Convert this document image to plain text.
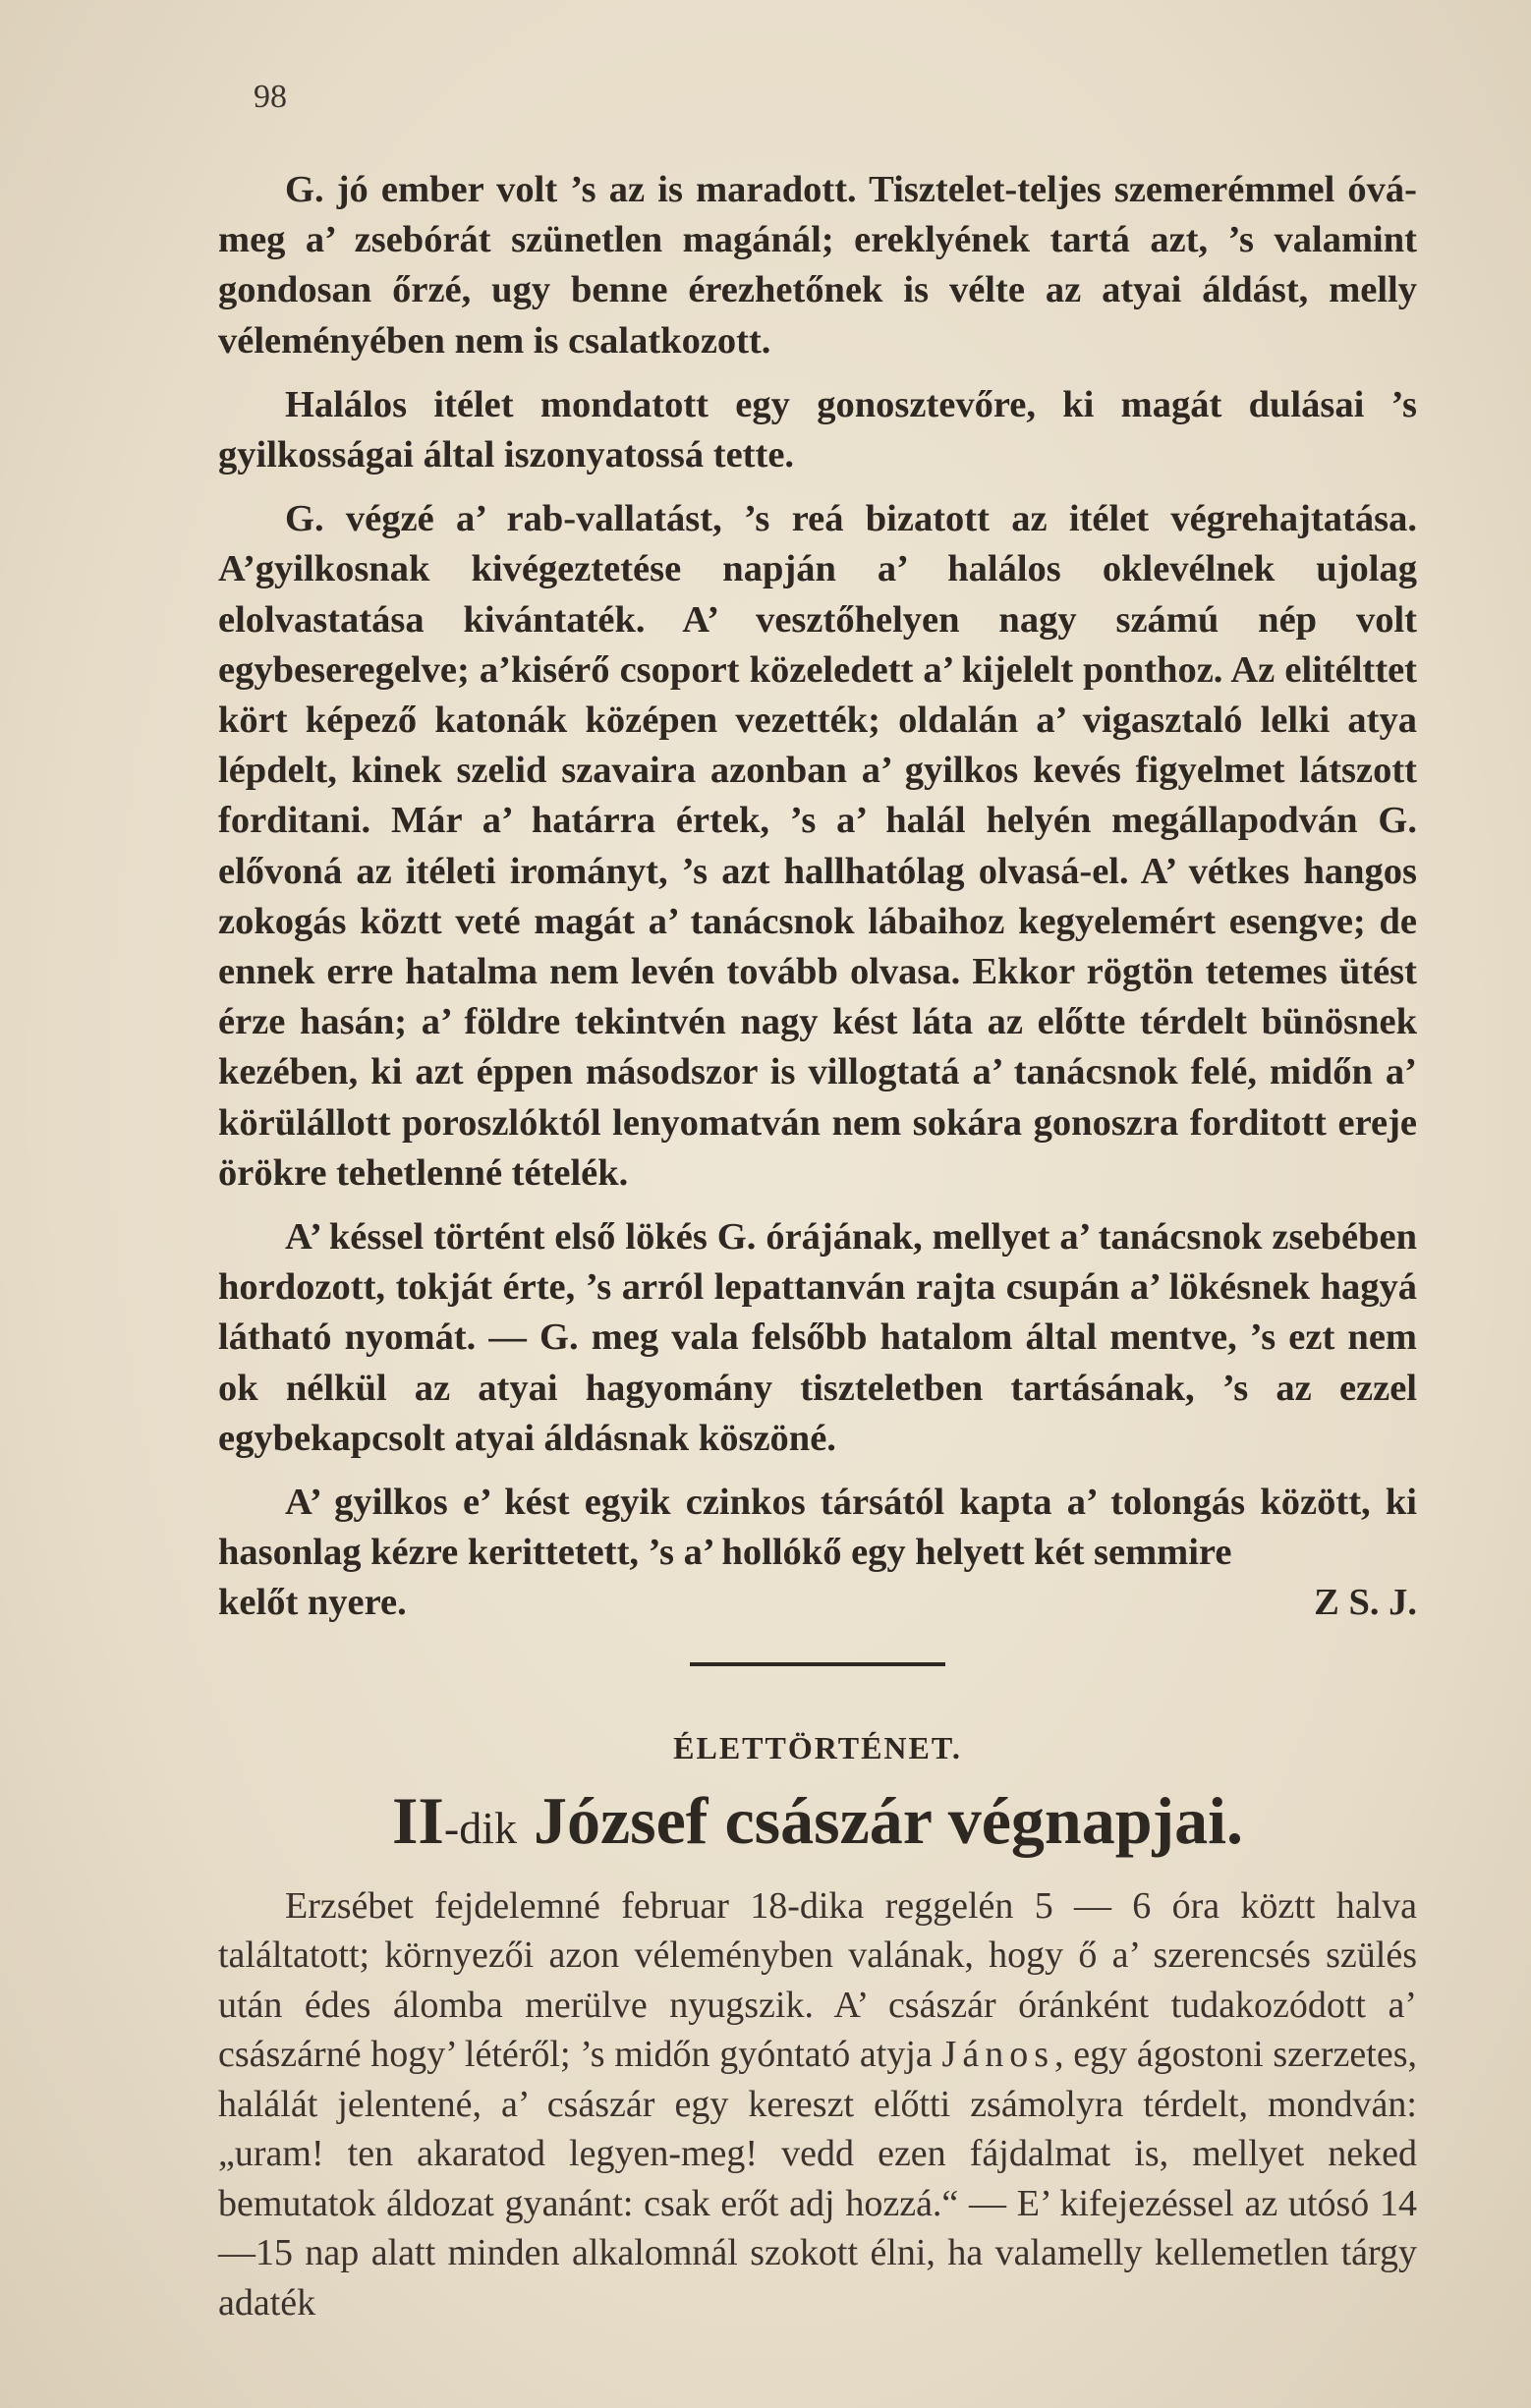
98

G. jó ember volt ’s az is maradott. Tisztelet-teljes szemerémmel óvá-meg a’ zsebórát szünetlen magánál; ereklyének tartá azt, ’s valamint gondosan őrzé, ugy benne érezhetőnek is vélte az atyai áldást, melly véleményében nem is csalatkozott.

Halálos itélet mondatott egy gonosztevőre, ki magát dulásai ’s gyilkosságai által iszonyatossá tette.

G. végzé a’ rab-vallatást, ’s reá bizatott az itélet végrehajtatása. A’gyilkosnak kivégeztetése napján a’ halálos oklevélnek ujolag elolvastatása kivántaték. A’ vesztőhelyen nagy számú nép volt egybeseregelve; a’kisérő csoport közeledett a’ kijelelt ponthoz. Az elitélttet kört képező katonák középen vezették; oldalán a’ vigasztaló lelki atya lépdelt, kinek szelid szavaira azonban a’ gyilkos kevés figyelmet látszott forditani. Már a’ határra értek, ’s a’ halál helyén megállapodván G. elővoná az itéleti irományt, ’s azt hallhatólag olvasá-el. A’ vétkes hangos zokogás köztt veté magát a’ tanácsnok lábaihoz kegyelemért esengve; de ennek erre hatalma nem levén tovább olvasa. Ekkor rögtön tetemes ütést érze hasán; a’ földre tekintvén nagy kést láta az előtte térdelt bünösnek kezében, ki azt éppen másodszor is villogtatá a’ tanácsnok felé, midőn a’ körülállott poroszlóktól lenyomatván nem sokára gonoszra forditott ereje örökre tehetlenné tételék.

A’ késsel történt első lökés G. órájának, mellyet a’ tanácsnok zsebében hordozott, tokját érte, ’s arról lepattanván rajta csupán a’ lökésnek hagyá látható nyomát. — G. meg vala felsőbb hatalom által mentve, ’s ezt nem ok nélkül az atyai hagyomány tiszteletben tartásának, ’s az ezzel egybekapcsolt atyai áldásnak köszöné.

A’ gyilkos e’ kést egyik czinkos társától kapta a’ tolongás között, ki hasonlag kézre kerittetett, ’s a’ hollókő egy helyett két semmire

kelőt nyere.	Z S. J.
ÉLETTÖRTÉNET.
II-dik József császár végnapjai.

Erzsébet fejdelemné februar 18-dika reggelén 5 — 6 óra köztt halva találtatott; környezői azon véleményben valának, hogy ő a’ szerencsés szülés után édes álomba merülve nyugszik. A’ császár óránként tudakozódott a’ császárné hogy’ létéről; ’s midőn gyóntató atyja János, egy ágostoni szerzetes, halálát jelentené, a’ császár egy kereszt előtti zsámolyra térdelt, mondván: „uram! ten akaratod legyen-meg! vedd ezen fájdalmat is, mellyet neked bemutatok áldozat gyanánt: csak erőt adj hozzá.“ — E’ kifejezéssel az utósó 14—15 nap alatt minden alkalomnál szokott élni, ha valamelly kellemetlen tárgy adaték
